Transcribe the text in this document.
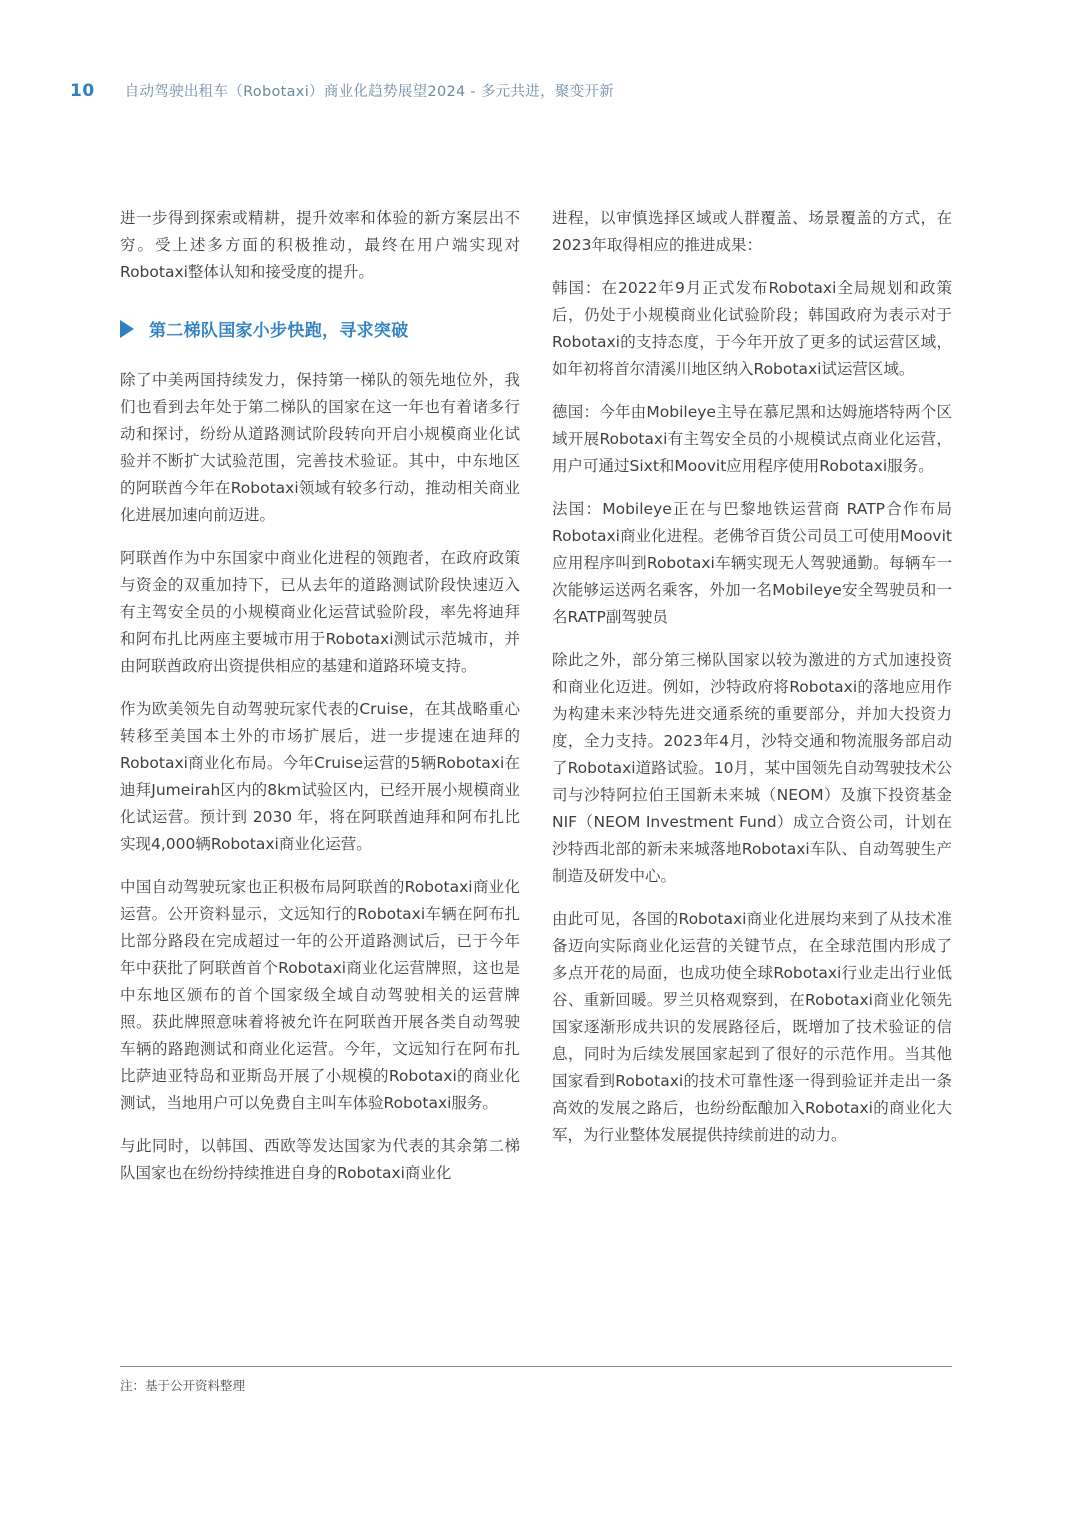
10 自动驾驶出租车（Robotaxi）商业化趋势展望2024 - 多元共进，聚变开新

进一步得到探索或精耕，提升效率和体验的新方案层出不穷。受上述多方面的积极推动，最终在用户端实现对Robotaxi整体认知和接受度的提升。

第二梯队国家小步快跑，寻求突破

除了中美两国持续发力，保持第一梯队的领先地位外，我们也看到去年处于第二梯队的国家在这一年也有着诸多行动和探讨，纷纷从道路测试阶段转向开启小规模商业化试验并不断扩大试验范围，完善技术验证。其中，中东地区的阿联酋今年在Robotaxi领域有较多行动，推动相关商业化进展加速向前迈进。

阿联酋作为中东国家中商业化进程的领跑者，在政府政策与资金的双重加持下，已从去年的道路测试阶段快速迈入有主驾安全员的小规模商业化运营试验阶段，率先将迪拜和阿布扎比两座主要城市用于Robotaxi测试示范城市，并由阿联酋政府出资提供相应的基建和道路环境支持。

作为欧美领先自动驾驶玩家代表的Cruise，在其战略重心转移至美国本土外的市场扩展后，进一步提速在迪拜的Robotaxi商业化布局。今年Cruise运营的5辆Robotaxi在迪拜Jumeirah区内的8km试验区内，已经开展小规模商业化试运营。预计到 2030 年，将在阿联酋迪拜和阿布扎比实现4,000辆Robotaxi商业化运营。

中国自动驾驶玩家也正积极布局阿联酋的Robotaxi商业化运营。公开资料显示，文远知行的Robotaxi车辆在阿布扎比部分路段在完成超过一年的公开道路测试后，已于今年年中获批了阿联酋首个Robotaxi商业化运营牌照，这也是中东地区颁布的首个国家级全域自动驾驶相关的运营牌照。获此牌照意味着将被允许在阿联酋开展各类自动驾驶车辆的路跑测试和商业化运营。今年，文远知行在阿布扎比萨迪亚特岛和亚斯岛开展了小规模的Robotaxi的商业化测试，当地用户可以免费自主叫车体验Robotaxi服务。

与此同时，以韩国、西欧等发达国家为代表的其余第二梯队国家也在纷纷持续推进自身的Robotaxi商业化

进程，以审慎选择区域或人群覆盖、场景覆盖的方式，在2023年取得相应的推进成果：

韩国：在2022年9月正式发布Robotaxi全局规划和政策后，仍处于小规模商业化试验阶段；韩国政府为表示对于Robotaxi的支持态度，于今年开放了更多的试运营区域，如年初将首尔清溪川地区纳入Robotaxi试运营区域。

德国：今年由Mobileye主导在慕尼黑和达姆施塔特两个区域开展Robotaxi有主驾安全员的小规模试点商业化运营，用户可通过Sixt和Moovit应用程序使用Robotaxi服务。

法国：Mobileye正在与巴黎地铁运营商 RATP合作布局Robotaxi商业化进程。老佛爷百货公司员工可使用Moovit应用程序叫到Robotaxi车辆实现无人驾驶通勤。每辆车一次能够运送两名乘客，外加一名Mobileye安全驾驶员和一名RATP副驾驶员

除此之外，部分第三梯队国家以较为激进的方式加速投资和商业化迈进。例如，沙特政府将Robotaxi的落地应用作为构建未来沙特先进交通系统的重要部分，并加大投资力度，全力支持。2023年4月，沙特交通和物流服务部启动了Robotaxi道路试验。10月，某中国领先自动驾驶技术公司与沙特阿拉伯王国新未来城（NEOM）及旗下投资基金NIF（NEOM Investment Fund）成立合资公司，计划在沙特西北部的新未来城落地Robotaxi车队、自动驾驶生产制造及研发中心。

由此可见，各国的Robotaxi商业化进展均来到了从技术准备迈向实际商业化运营的关键节点，在全球范围内形成了多点开花的局面，也成功使全球Robotaxi行业走出行业低谷、重新回暖。罗兰贝格观察到，在Robotaxi商业化领先国家逐渐形成共识的发展路径后，既增加了技术验证的信息，同时为后续发展国家起到了很好的示范作用。当其他国家看到Robotaxi的技术可靠性逐一得到验证并走出一条高效的发展之路后，也纷纷酝酿加入Robotaxi的商业化大军，为行业整体发展提供持续前进的动力。

注：基于公开资料整理
